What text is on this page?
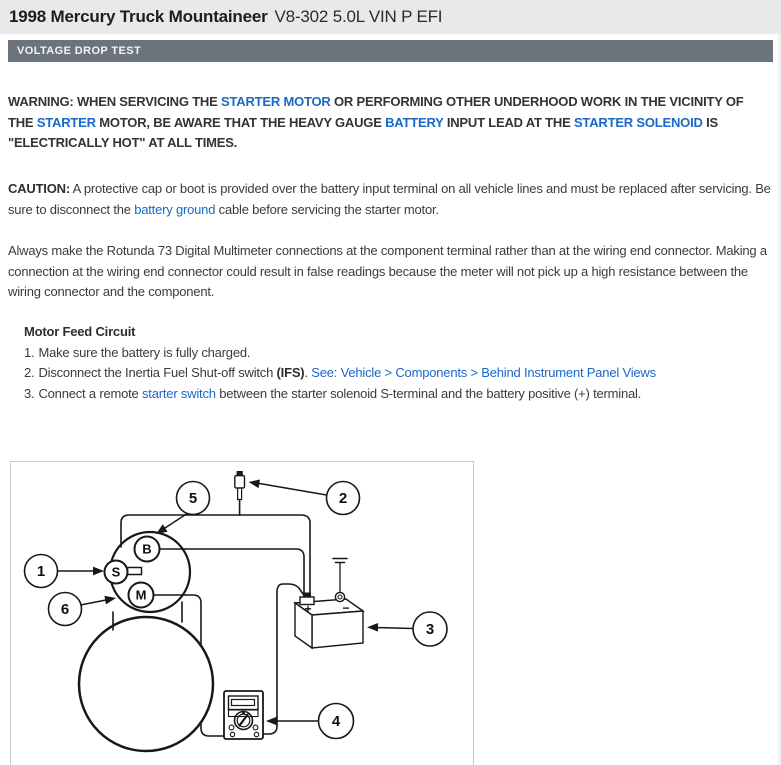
1998 Mercury Truck Mountaineer V8-302 5.0L VIN P EFI
VOLTAGE DROP TEST
WARNING: WHEN SERVICING THE STARTER MOTOR OR PERFORMING OTHER UNDERHOOD WORK IN THE VICINITY OF THE STARTER MOTOR, BE AWARE THAT THE HEAVY GAUGE BATTERY INPUT LEAD AT THE STARTER SOLENOID IS "ELECTRICALLY HOT" AT ALL TIMES.
CAUTION: A protective cap or boot is provided over the battery input terminal on all vehicle lines and must be replaced after servicing. Be sure to disconnect the battery ground cable before servicing the starter motor.
Always make the Rotunda 73 Digital Multimeter connections at the component terminal rather than at the wiring end connector. Making a connection at the wiring end connector could result in false readings because the meter will not pick up a high resistance between the wiring connector and the component.
Motor Feed Circuit
1. Make sure the battery is fully charged.
2. Disconnect the Inertia Fuel Shut-off switch (IFS). See: Vehicle > Components > Behind Instrument Panel Views
3. Connect a remote starter switch between the starter solenoid S-terminal and the battery positive (+) terminal.
+	−
S
B
M
1
2
3
4
5
6
